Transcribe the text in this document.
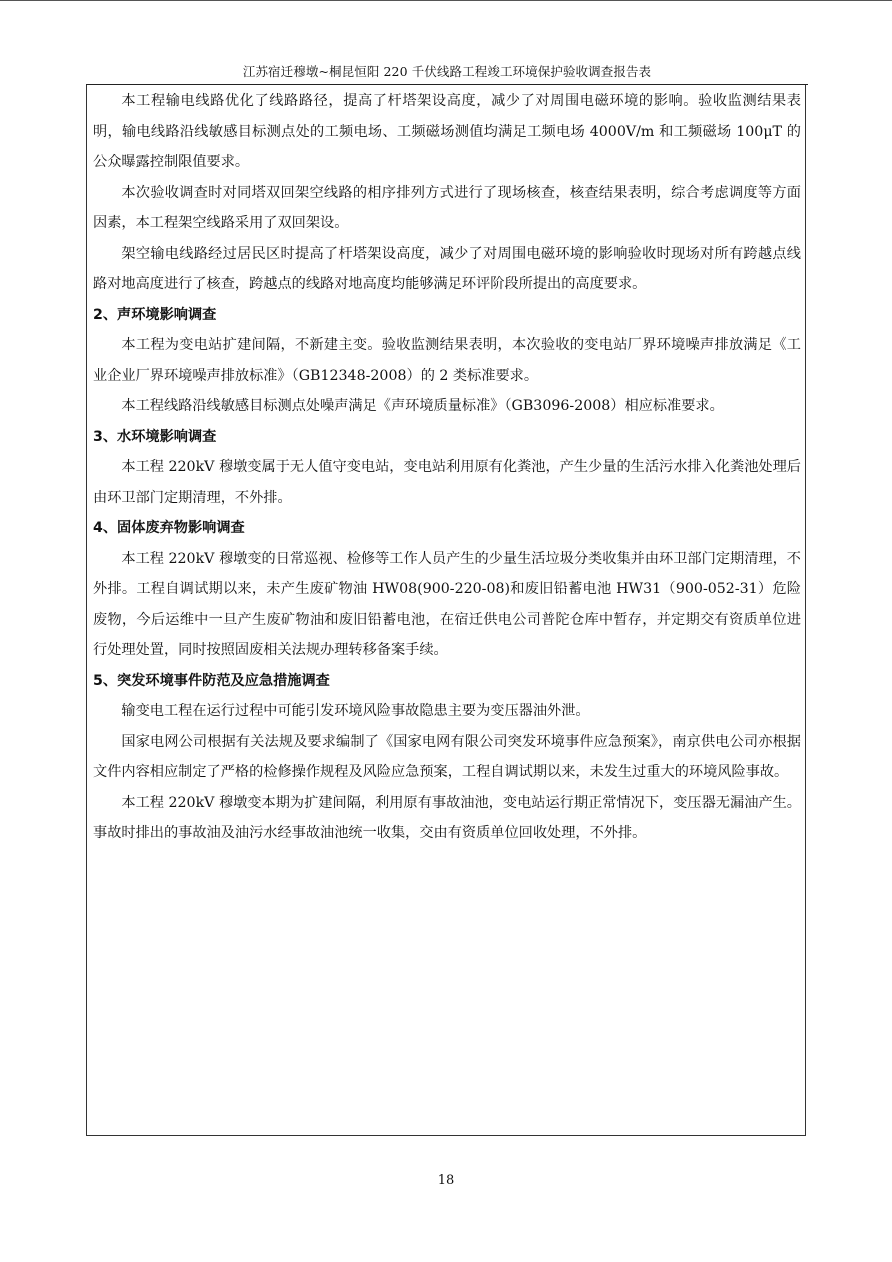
江苏宿迁穆墩~桐昆恒阳 220 千伏线路工程竣工环境保护验收调查报告表

本工程输电线路优化了线路路径，提高了杆塔架设高度，减少了对周围电磁环境的影响。验收监测结果表明，输电线路沿线敏感目标测点处的工频电场、工频磁场测值均满足工频电场 4000V/m 和工频磁场 100μT 的公众曝露控制限值要求。

本次验收调查时对同塔双回架空线路的相序排列方式进行了现场核查，核查结果表明，综合考虑调度等方面因素，本工程架空线路采用了双回架设。

架空输电线路经过居民区时提高了杆塔架设高度，减少了对周围电磁环境的影响验收时现场对所有跨越点线路对地高度进行了核查，跨越点的线路对地高度均能够满足环评阶段所提出的高度要求。

2、声环境影响调查

本工程为变电站扩建间隔，不新建主变。验收监测结果表明，本次验收的变电站厂界环境噪声排放满足《工业企业厂界环境噪声排放标准》（GB12348-2008）的 2 类标准要求。

本工程线路沿线敏感目标测点处噪声满足《声环境质量标准》（GB3096-2008）相应标准要求。

3、水环境影响调查

本工程 220kV 穆墩变属于无人值守变电站，变电站利用原有化粪池，产生少量的生活污水排入化粪池处理后由环卫部门定期清理，不外排。

4、固体废弃物影响调查

本工程 220kV 穆墩变的日常巡视、检修等工作人员产生的少量生活垃圾分类收集并由环卫部门定期清理，不外排。工程自调试期以来，未产生废矿物油 HW08(900-220-08)和废旧铅蓄电池 HW31（900-052-31）危险废物，今后运维中一旦产生废矿物油和废旧铅蓄电池，在宿迁供电公司普陀仓库中暂存，并定期交有资质单位进行处理处置，同时按照固废相关法规办理转移备案手续。

5、突发环境事件防范及应急措施调查

输变电工程在运行过程中可能引发环境风险事故隐患主要为变压器油外泄。

国家电网公司根据有关法规及要求编制了《国家电网有限公司突发环境事件应急预案》，南京供电公司亦根据文件内容相应制定了严格的检修操作规程及风险应急预案，工程自调试期以来，未发生过重大的环境风险事故。

本工程 220kV 穆墩变本期为扩建间隔，利用原有事故油池，变电站运行期正常情况下，变压器无漏油产生。事故时排出的事故油及油污水经事故油池统一收集，交由有资质单位回收处理，不外排。

18
